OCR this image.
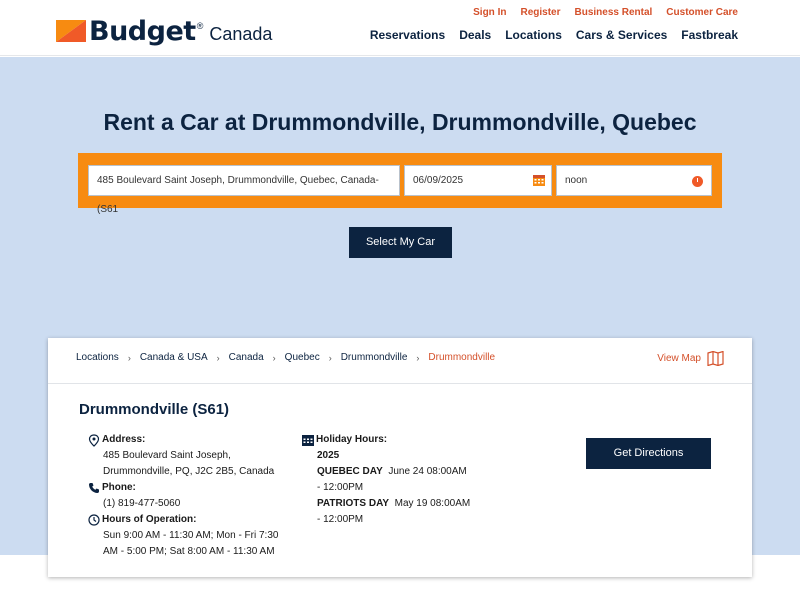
Budget ® Canada
Sign In Register Business Rental Customer Care
Reservations Deals Locations Cars & Services Fastbreak
Rent a Car at Drummondville, Drummondville, Quebec
485 Boulevard Saint Joseph, Drummondville, Quebec, Canada-(S61
06/09/2025	noon
Select My Car
Locations › Canada & USA › Canada › Quebec › Drummondville › Drummondville	View Map
Drummondville (S61)
Address:
485 Boulevard Saint Joseph,
Drummondville, PQ, J2C 2B5, Canada
Phone:
(1) 819-477-5060
Hours of Operation:
Sun 9:00 AM - 11:30 AM; Mon - Fri 7:30
AM - 5:00 PM; Sat 8:00 AM - 11:30 AM
Holiday Hours:
2025
QUEBEC DAY June 24 08:00AM
- 12:00PM
PATRIOTS DAY May 19 08:00AM
- 12:00PM
Get Directions
